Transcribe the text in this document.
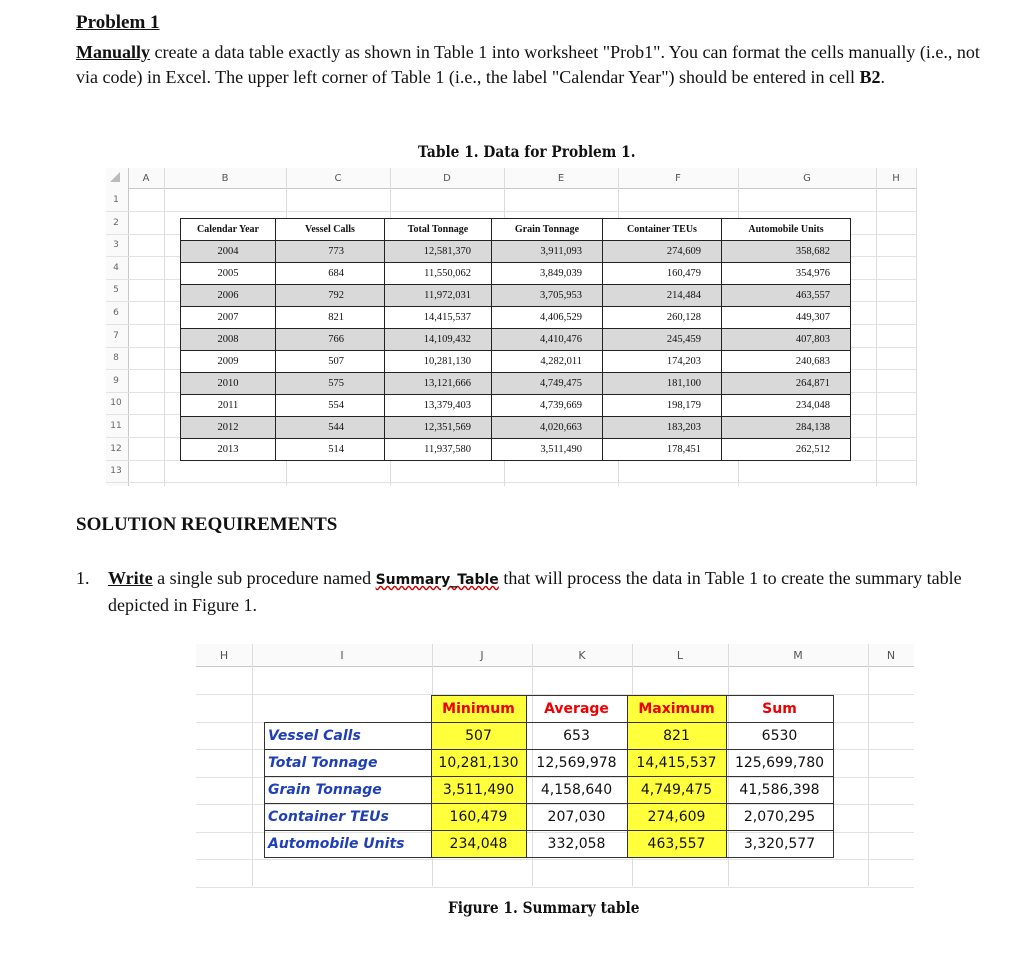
Problem 1
Manually create a data table exactly as shown in Table 1 into worksheet "Prob1". You can format the cells manually (i.e., not via code) in Excel. The upper left corner of Table 1 (i.e., the label "Calendar Year") should be entered in cell B2.
Table 1. Data for Problem 1.
A	B	C	D	E	F	G	H
1
2
3
4
5
6
7
8
9
10
11
12
13
Calendar Year	Vessel Calls	Total Tonnage	Grain Tonnage	Container TEUs	Automobile Units
2004	773	12,581,370	3,911,093	274,609	358,682
2005	684	11,550,062	3,849,039	160,479	354,976
2006	792	11,972,031	3,705,953	214,484	463,557
2007	821	14,415,537	4,406,529	260,128	449,307
2008	766	14,109,432	4,410,476	245,459	407,803
2009	507	10,281,130	4,282,011	174,203	240,683
2010	575	13,121,666	4,749,475	181,100	264,871
2011	554	13,379,403	4,739,669	198,179	234,048
2012	544	12,351,569	4,020,663	183,203	284,138
2013	514	11,937,580	3,511,490	178,451	262,512
SOLUTION REQUIREMENTS
1. Write a single sub procedure named Summary_Table that will process the data in Table 1 to create the summary table depicted in Figure 1.
H	I	J	K	L	M	N
	Minimum	Average	Maximum	Sum
Vessel Calls	507	653	821	6530
Total Tonnage	10,281,130	12,569,978	14,415,537	125,699,780
Grain Tonnage	3,511,490	4,158,640	4,749,475	41,586,398
Container TEUs	160,479	207,030	274,609	2,070,295
Automobile Units	234,048	332,058	463,557	3,320,577
Figure 1. Summary table
